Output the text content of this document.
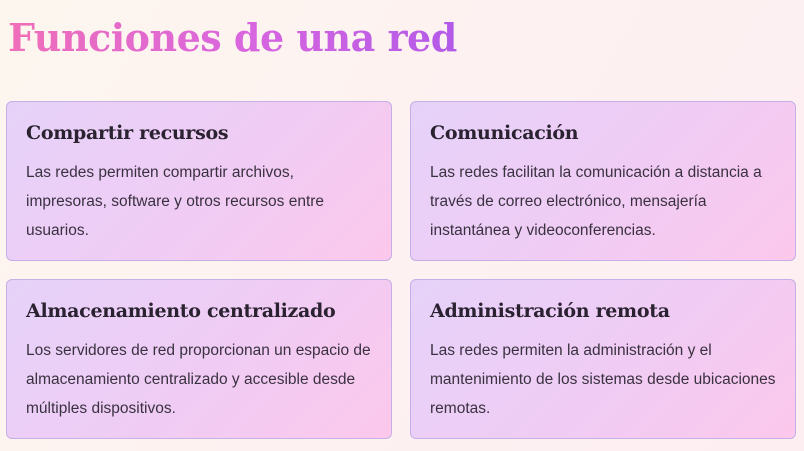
Funciones de una red
Compartir recursos

Las redes permiten compartir archivos, impresoras, software y otros recursos entre usuarios.

Comunicación

Las redes facilitan la comunicación a distancia a través de correo electrónico, mensajería instantánea y videoconferencias.

Almacenamiento centralizado

Los servidores de red proporcionan un espacio de almacenamiento centralizado y accesible desde múltiples dispositivos.

Administración remota

Las redes permiten la administración y el mantenimiento de los sistemas desde ubicaciones remotas.
